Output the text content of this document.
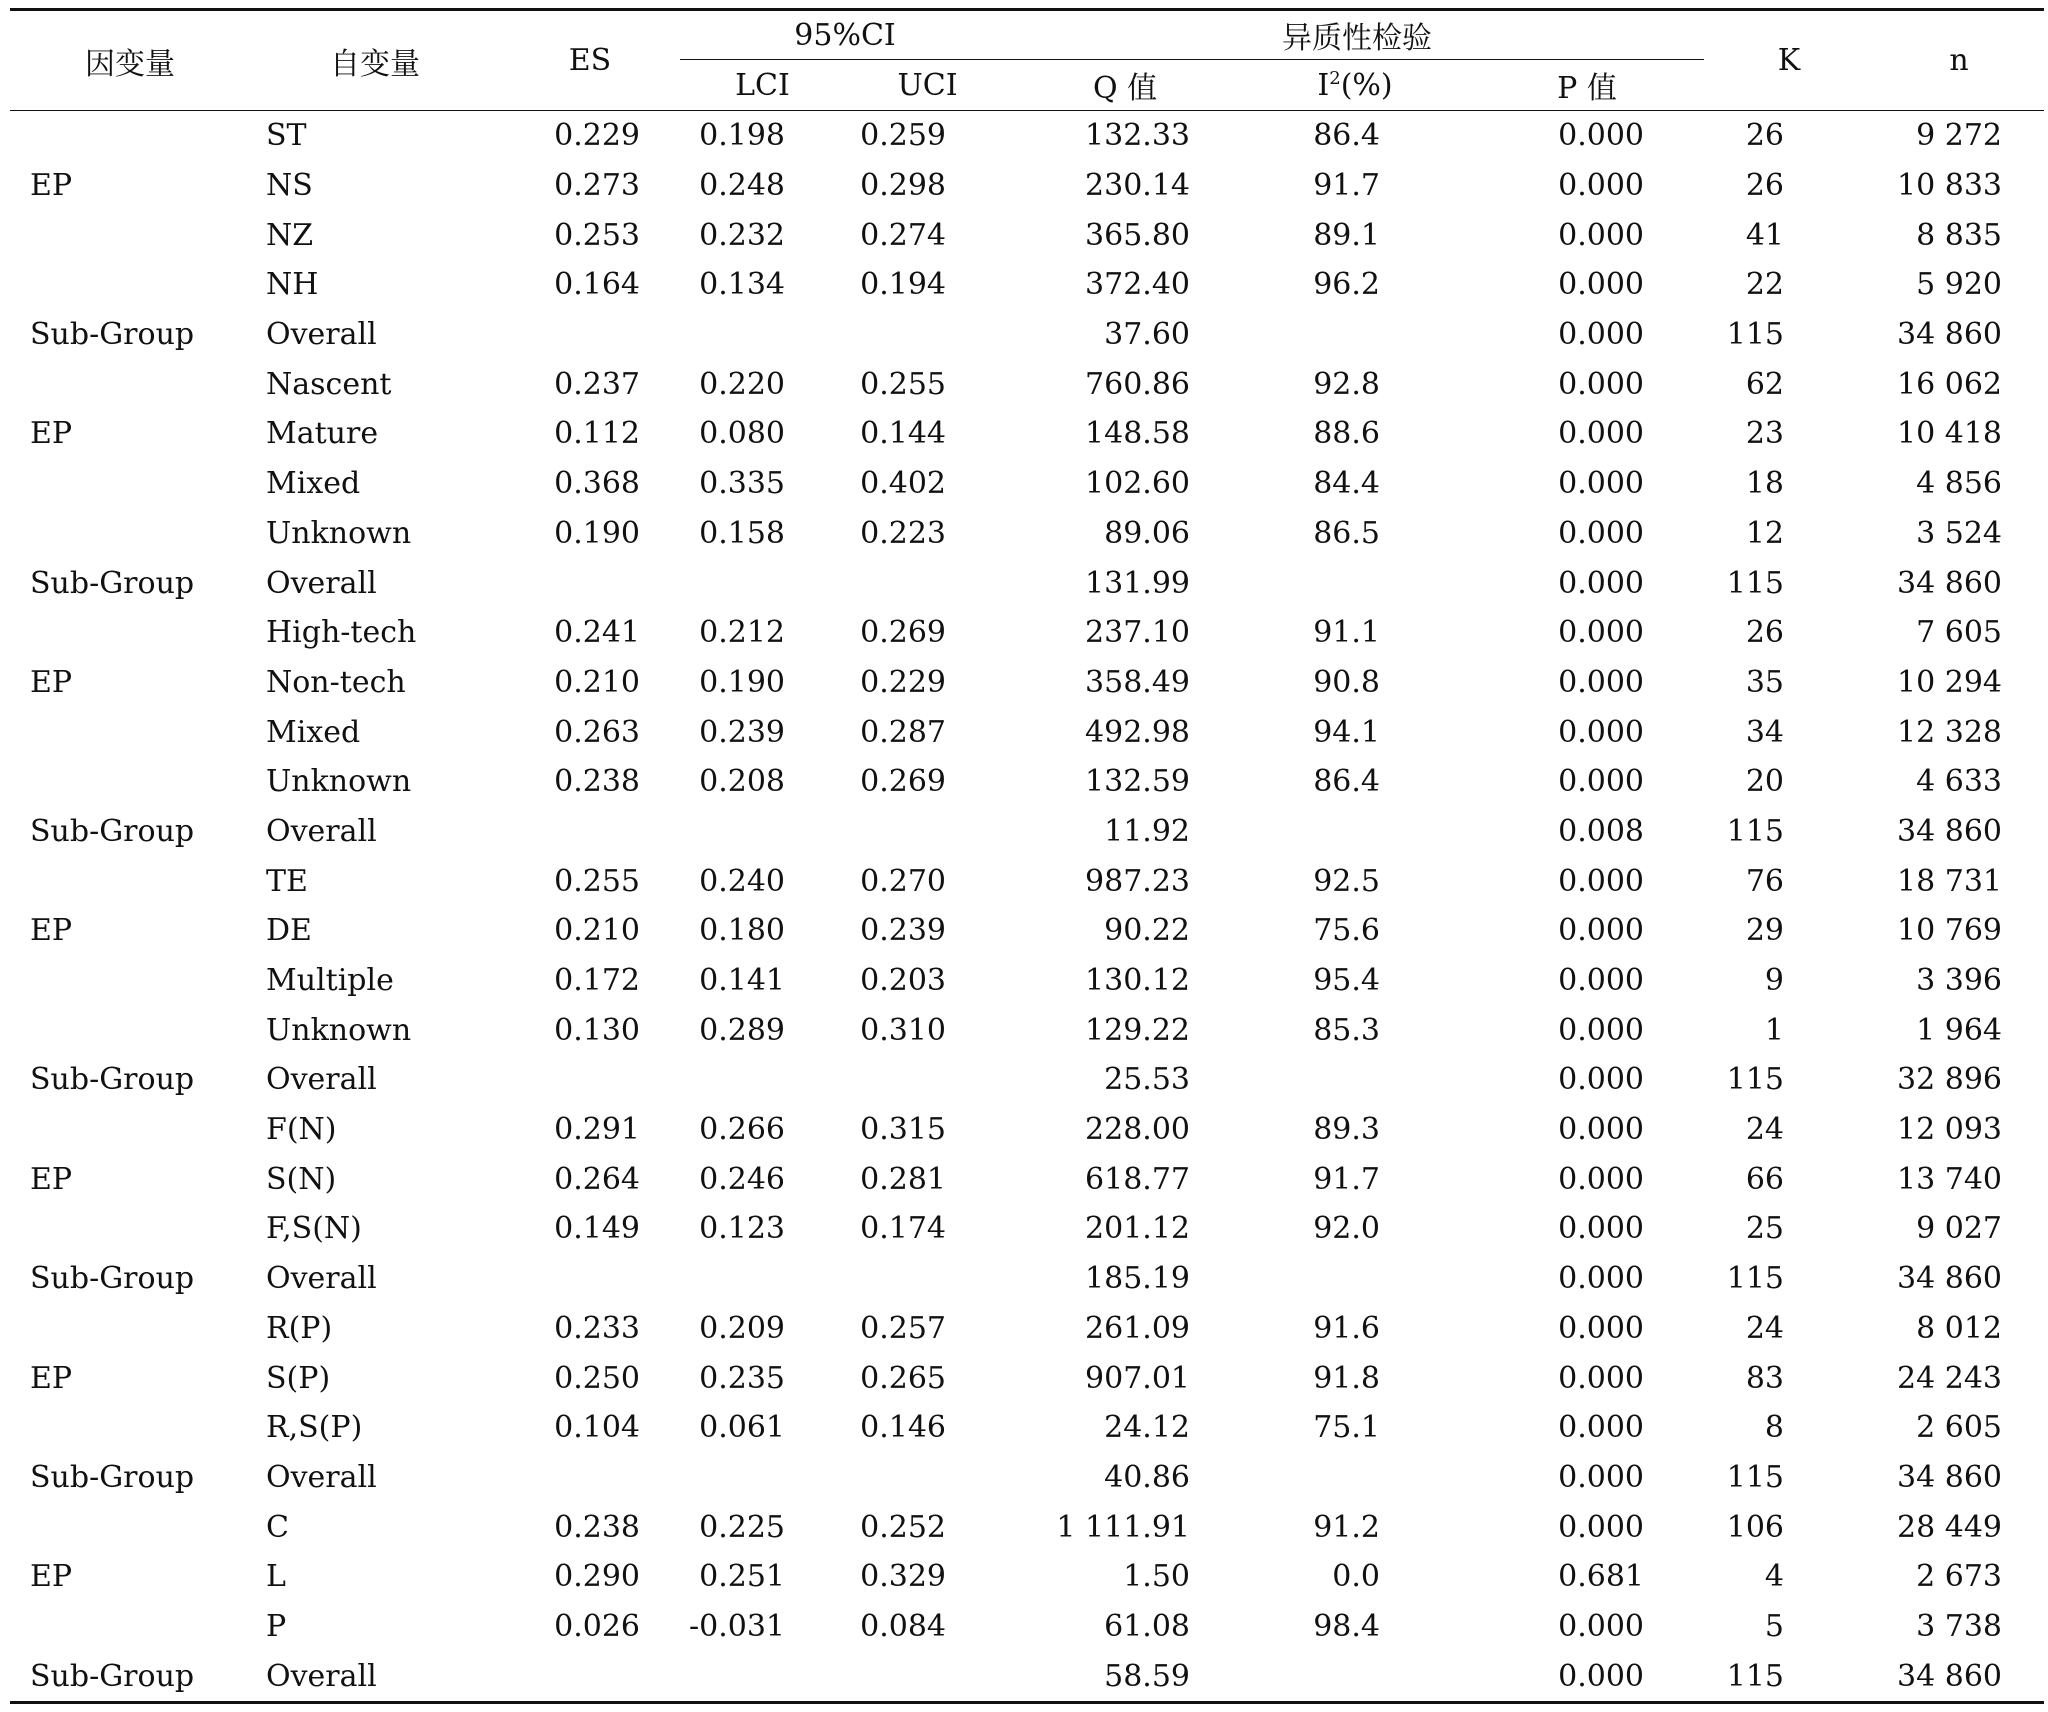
因变量	自变量	ES	95%CI		异质性检验			K	n
			LCI	UCI	Q 值	$I^2(\%)$	P 值		
	ST	0.229	0.198	0.259	132.33	86.4	0.000	26	9 272
EP	NS	0.273	0.248	0.298	230.14	91.7	0.000	26	10 833
	NZ	0.253	0.232	0.274	365.80	89.1	0.000	41	8 835
	NH	0.164	0.134	0.194	372.40	96.2	0.000	22	5 920
Sub-Group	Overall				37.60		0.000	115	34 860
	Nascent	0.237	0.220	0.255	760.86	92.8	0.000	62	16 062
EP	Mature	0.112	0.080	0.144	148.58	88.6	0.000	23	10 418
	Mixed	0.368	0.335	0.402	102.60	84.4	0.000	18	4 856
	Unknown	0.190	0.158	0.223	89.06	86.5	0.000	12	3 524
Sub-Group	Overall				131.99		0.000	115	34 860
	High-tech	0.241	0.212	0.269	237.10	91.1	0.000	26	7 605
EP	Non-tech	0.210	0.190	0.229	358.49	90.8	0.000	35	10 294
	Mixed	0.263	0.239	0.287	492.98	94.1	0.000	34	12 328
	Unknown	0.238	0.208	0.269	132.59	86.4	0.000	20	4 633
Sub-Group	Overall				11.92		0.008	115	34 860
	TE	0.255	0.240	0.270	987.23	92.5	0.000	76	18 731
EP	DE	0.210	0.180	0.239	90.22	75.6	0.000	29	10 769
	Multiple	0.172	0.141	0.203	130.12	95.4	0.000	9	3 396
	Unknown	0.130	0.289	0.310	129.22	85.3	0.000	1	1 964
Sub-Group	Overall				25.53		0.000	115	32 896
	F(N)	0.291	0.266	0.315	228.00	89.3	0.000	24	12 093
EP	S(N)	0.264	0.246	0.281	618.77	91.7	0.000	66	13 740
	F,S(N)	0.149	0.123	0.174	201.12	92.0	0.000	25	9 027
Sub-Group	Overall				185.19		0.000	115	34 860
	R(P)	0.233	0.209	0.257	261.09	91.6	0.000	24	8 012
EP	S(P)	0.250	0.235	0.265	907.01	91.8	0.000	83	24 243
	R,S(P)	0.104	0.061	0.146	24.12	75.1	0.000	8	2 605
Sub-Group	Overall				40.86		0.000	115	34 860
	C	0.238	0.225	0.252	1 111.91	91.2	0.000	106	28 449
EP	L	0.290	0.251	0.329	1.50	0.0	0.681	4	2 673
	P	0.026	-0.031	0.084	61.08	98.4	0.000	5	3 738
Sub-Group	Overall				58.59		0.000	115	34 860
